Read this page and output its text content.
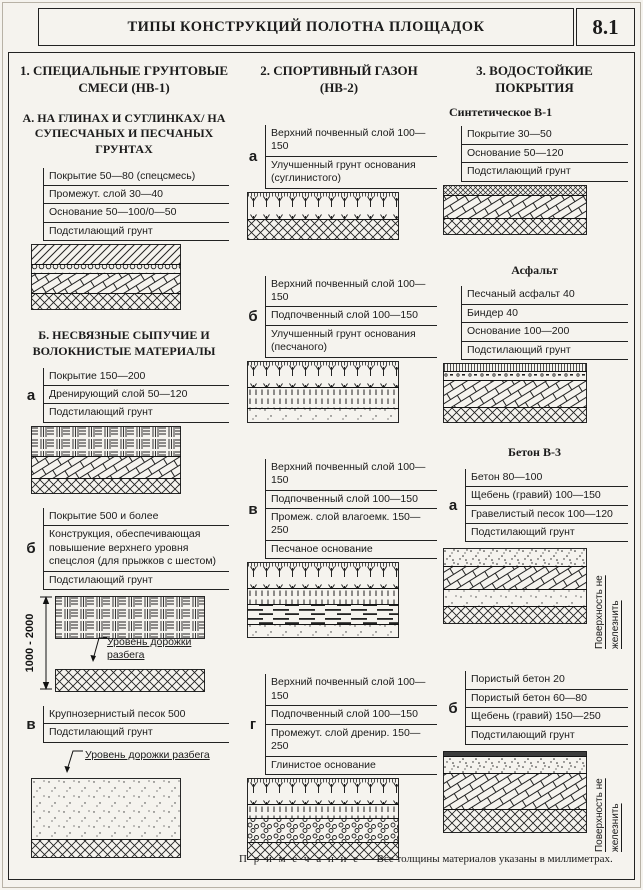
ТИПЫ КОНСТРУКЦИЙ ПОЛОТНА ПЛОЩАДОК	8.1
1. СПЕЦИАЛЬНЫЕ ГРУНТОВЫЕ СМЕСИ (НВ-1)
А. НА ГЛИНАХ И СУГЛИНКАХ/ НА СУПЕСЧАНЫХ И ПЕСЧАНЫХ ГРУНТАХ
Покрытие 50—80 (спецсмесь)
Промежут. слой 30—40
Основание 50—100/0—50
Подстилающий грунт
Б. НЕСВЯЗНЫЕ СЫПУЧИЕ И ВОЛОКНИСТЫЕ МАТЕРИАЛЫ
а
Покрытие 150—200
Дренирующий слой 50—120
Подстилающий грунт
б
Покрытие 500 и более
Конструкция, обеспечивающая повышение верхнего уровня спецслоя (для прыжков с шестом)
Подстилающий грунт
1000 - 2000	Уровень дорожки разбега
в
Крупнозернистый песок 500
Подстилающий грунт
Уровень дорожки разбега
2. СПОРТИВНЫЙ ГАЗОН (НВ-2)
а
Верхний почвенный слой 100—150
Улучшенный грунт основания (суглинистого)
б
Верхний почвенный слой 100—150
Подпочвенный слой 100—150
Улучшенный грунт основания (песчаного)
в
Верхний почвенный слой 100—150
Подпочвенный слой 100—150
Промеж. слой влагоемк. 150—250
Песчаное основание
г
Верхний почвенный слой 100—150
Подпочвенный слой 100—150
Промежут. слой дренир. 150—250
Глинистое основание
3. ВОДОСТОЙКИЕ ПОКРЫТИЯ
Синтетическое В-1
Покрытие 30—50
Основание 50—120
Подстилающий грунт
Асфальт
Песчаный асфальт 40
Биндер 40
Основание 100—200
Подстилающий грунт
Бетон В-3
а
Бетон 80—100
Щебень (гравий) 100—150
Гравелистый песок 100—120
Подстилающий грунт
Поверхность не железнить
б
Пористый бетон 20
Пористый бетон 60—80
Щебень (гравий) 150—250
Подстилающий грунт
Поверхность не железнить
П р и м е ч а н и е — Все толщины материалов указаны в миллиметрах.
